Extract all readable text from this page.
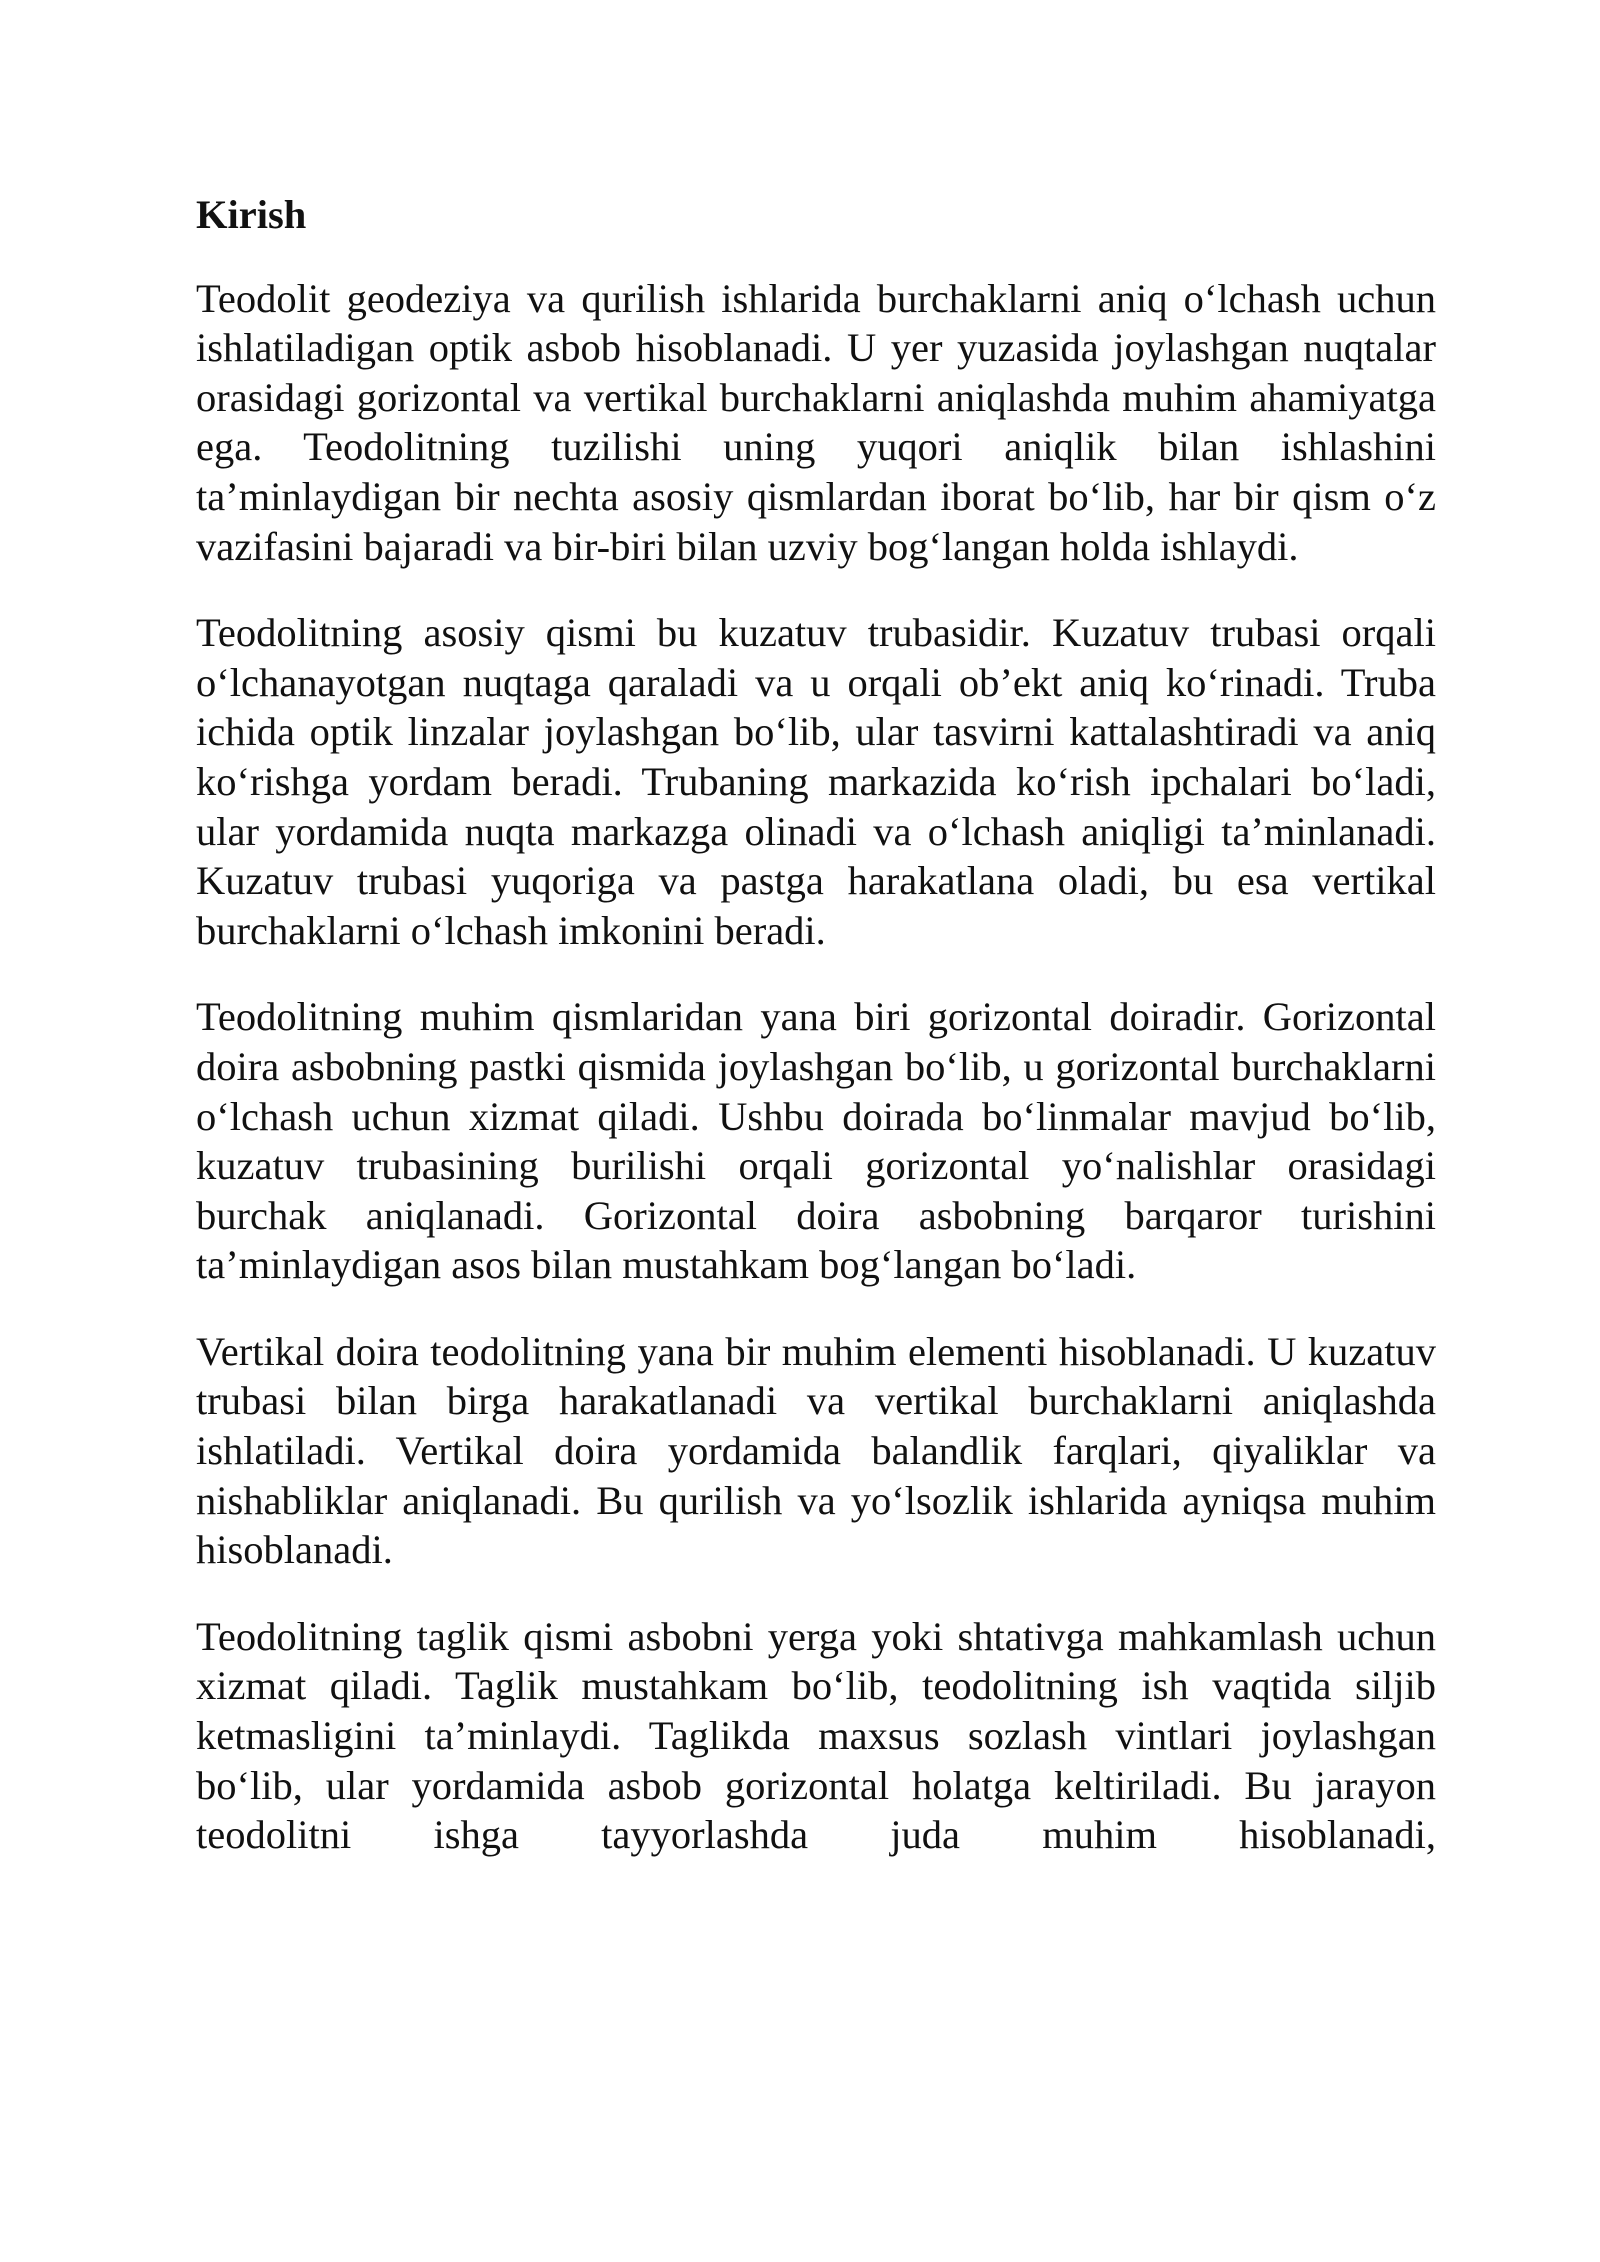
Kirish

Teodolit geodeziya va qurilish ishlarida burchaklarni aniq o‘lchash uchun ishlatiladigan optik asbob hisoblanadi. U yer yuzasida joylashgan nuqtalar orasidagi gorizontal va vertikal burchaklarni aniqlashda muhim ahamiyatga ega. Teodolitning tuzilishi uning yuqori aniqlik bilan ishlashini ta’minlaydigan bir nechta asosiy qismlardan iborat bo‘lib, har bir qism o‘z vazifasini bajaradi va bir-biri bilan uzviy bog‘langan holda ishlaydi.

Teodolitning asosiy qismi bu kuzatuv trubasidir. Kuzatuv trubasi orqali o‘lchanayotgan nuqtaga qaraladi va u orqali ob’ekt aniq ko‘rinadi. Truba ichida optik linzalar joylashgan bo‘lib, ular tasvirni kattalashtiradi va aniq ko‘rishga yordam beradi. Trubaning markazida ko‘rish ipchalari bo‘ladi, ular yordamida nuqta markazga olinadi va o‘lchash aniqligi ta’minlanadi. Kuzatuv trubasi yuqoriga va pastga harakatlana oladi, bu esa vertikal burchaklarni o‘lchash imkonini beradi.

Teodolitning muhim qismlaridan yana biri gorizontal doiradir. Gorizontal doira asbobning pastki qismida joylashgan bo‘lib, u gorizontal burchaklarni o‘lchash uchun xizmat qiladi. Ushbu doirada bo‘linmalar mavjud bo‘lib, kuzatuv trubasining burilishi orqali gorizontal yo‘nalishlar orasidagi burchak aniqlanadi. Gorizontal doira asbobning barqaror turishini ta’minlaydigan asos bilan mustahkam bog‘langan bo‘ladi.

Vertikal doira teodolitning yana bir muhim elementi hisoblanadi. U kuzatuv trubasi bilan birga harakatlanadi va vertikal burchaklarni aniqlashda ishlatiladi. Vertikal doira yordamida balandlik farqlari, qiyaliklar va nishabliklar aniqlanadi. Bu qurilish va yo‘lsozlik ishlarida ayniqsa muhim hisoblanadi.

Teodolitning taglik qismi asbobni yerga yoki shtativga mahkamlash uchun xizmat qiladi. Taglik mustahkam bo‘lib, teodolitning ish vaqtida siljib ketmasligini ta’minlaydi. Taglikda maxsus sozlash vintlari joylashgan bo‘lib, ular yordamida asbob gorizontal holatga keltiriladi. Bu jarayon teodolitni ishga tayyorlashda juda muhim hisoblanadi,
